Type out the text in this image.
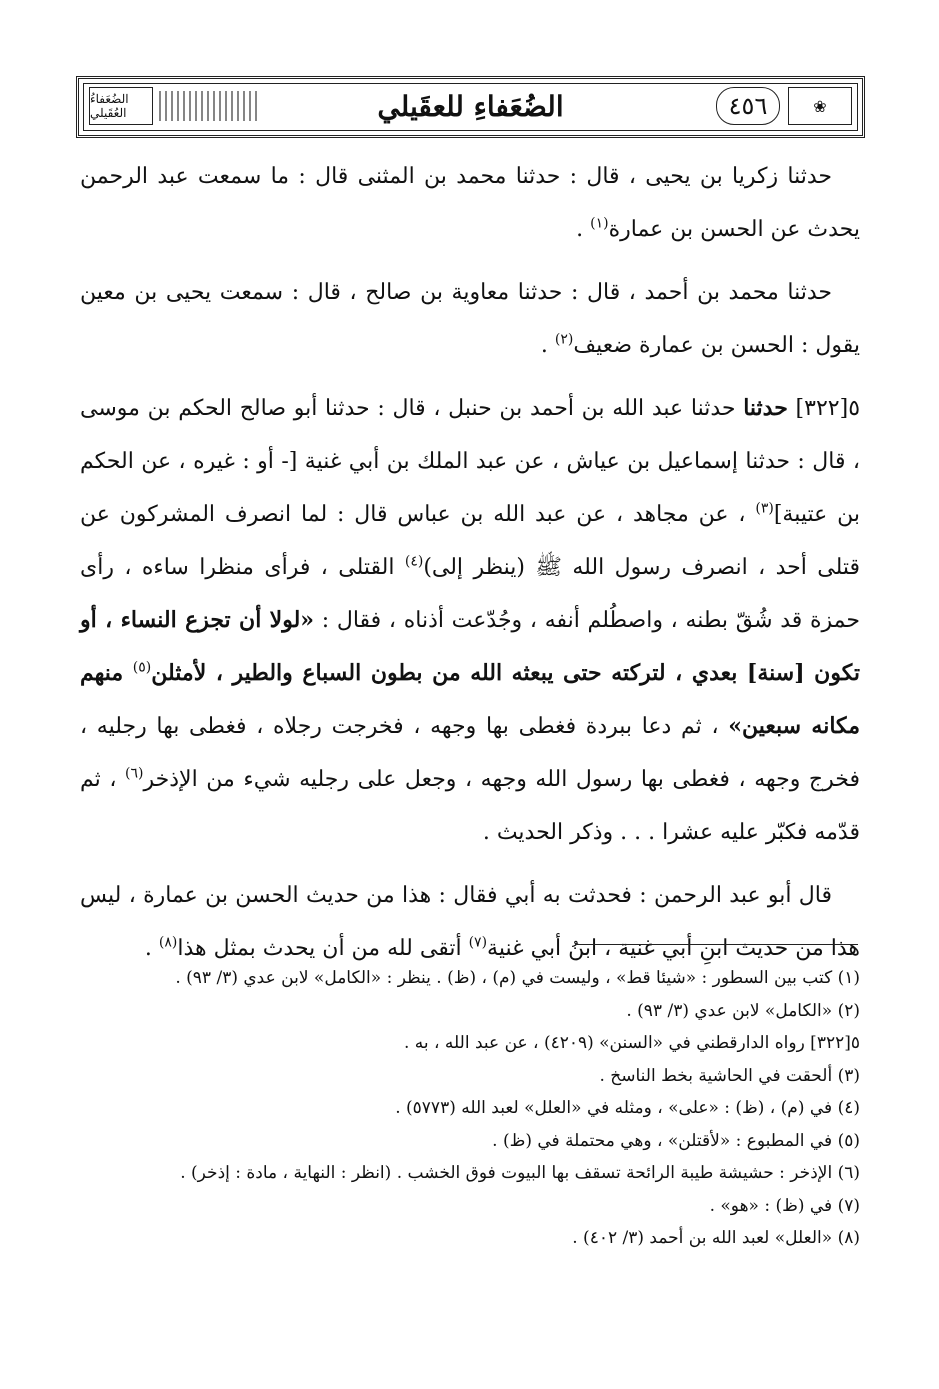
الضُعَفاءُ العُقَيلي	الضُعَفاءِ للعقَيلي	٤٥٦	❀

حدثنا زكريا بن يحيى ، قال : حدثنا محمد بن المثنى قال : ما سمعت عبد الرحمن يحدث عن الحسن بن عمارة$^{(١)}$ .

حدثنا محمد بن أحمد ، قال : حدثنا معاوية بن صالح ، قال : سمعت يحيى بن معين يقول : الحسن بن عمارة ضعيف$^{(٢)}$ .

٥[٣٢٢] حدثنا حدثنا عبد الله بن أحمد بن حنبل ، قال : حدثنا أبو صالح الحكم بن موسى ، قال : حدثنا إسماعيل بن عياش ، عن عبد الملك بن أبي غنية [- أو : غيره ، عن الحكم بن عتيبة]$^{(٣)}$ ، عن مجاهد ، عن عبد الله بن عباس قال : لما انصرف المشركون عن قتلى أحد ، انصرف رسول الله ﷺ (ينظر إلى)$^{(٤)}$ القتلى ، فرأى منظرا ساءه ، رأى حمزة قد شُقّ بطنه ، واصطُلم أنفه ، وجُدّعت أذناه ، فقال : «لولا أن تجزع النساء ، أو تكون [سنة] بعدي ، لتركته حتى يبعثه الله من بطون السباع والطير ، لأمثلن$^{(٥)}$ منهم مكانه سبعين» ، ثم دعا ببردة فغطى بها وجهه ، فخرجت رجلاه ، فغطى بها رجليه ، فخرج وجهه ، فغطى بها رسول الله وجهه ، وجعل على رجليه شيء من الإذخر$^{(٦)}$ ، ثم قدّمه فكبّر عليه عشرا . . . وذكر الحديث .

قال أبو عبد الرحمن : فحدثت به أبي فقال : هذا من حديث الحسن بن عمارة ، ليس هذا من حديث ابنِ أبي غنية ، ابنُ أبي غنية$^{(٧)}$ أتقى لله من أن يحدث بمثل هذا$^{(٨)}$ .

(١) كتب بين السطور : «شيئا قط» ، وليست في (م) ، (ظ) . ينظر : «الكامل» لابن عدي (٣/ ٩٣) .

(٢) «الكامل» لابن عدي (٣/ ٩٣) .

٥[٣٢٢] رواه الدارقطني في «السنن» (٤٢٠٩) ، عن عبد الله ، به .

(٣) ألحقت في الحاشية بخط الناسخ .

(٤) في (م) ، (ظ) : «على» ، ومثله في «العلل» لعبد الله (٥٧٧٣) .

(٥) في المطبوع : «لأقتلن» ، وهي محتملة في (ظ) .

(٦) الإذخر : حشيشة طيبة الرائحة تسقف بها البيوت فوق الخشب . (انظر : النهاية ، مادة : إذخر) .

(٧) في (ظ) : «هو» .

(٨) «العلل» لعبد الله بن أحمد (٣/ ٤٠٢) .
